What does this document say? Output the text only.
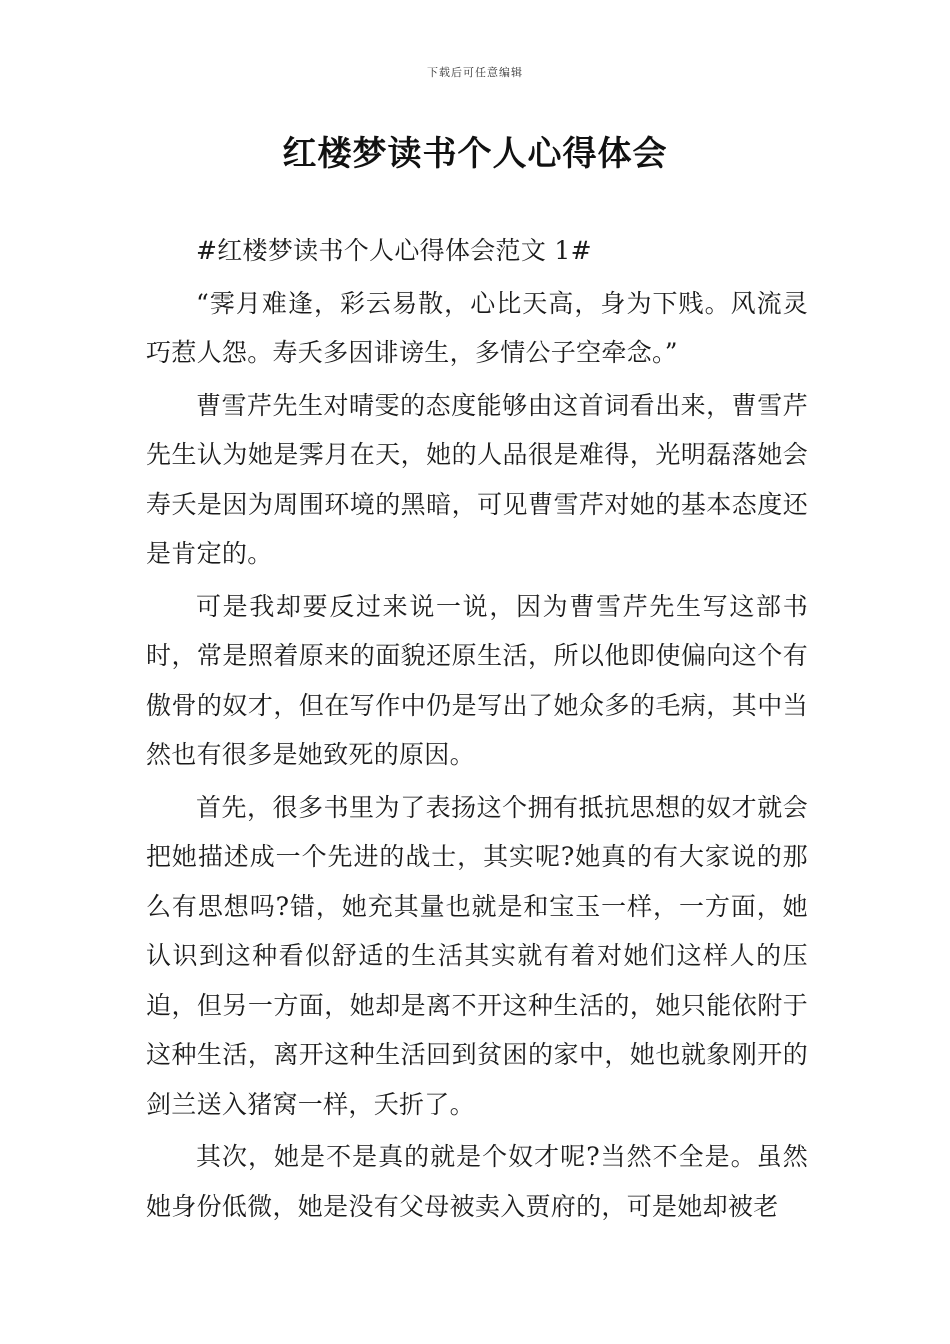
下载后可任意编辑
红楼梦读书个人心得体会

#红楼梦读书个人心得体会范文 1#

“霁月难逢，彩云易散，心比天高，身为下贱。风流灵巧惹人怨。寿夭多因诽谤生，多情公子空牵念。”

曹雪芹先生对晴雯的态度能够由这首词看出来，曹雪芹先生认为她是霁月在天，她的人品很是难得，光明磊落她会寿夭是因为周围环境的黑暗，可见曹雪芹对她的基本态度还是肯定的。

可是我却要反过来说一说，因为曹雪芹先生写这部书时，常是照着原来的面貌还原生活，所以他即使偏向这个有傲骨的奴才，但在写作中仍是写出了她众多的毛病，其中当然也有很多是她致死的原因。

首先，很多书里为了表扬这个拥有抵抗思想的奴才就会把她描述成一个先进的战士，其实呢?她真的有大家说的那么有思想吗?错，她充其量也就是和宝玉一样，一方面，她认识到这种看似舒适的生活其实就有着对她们这样人的压迫，但另一方面，她却是离不开这种生活的，她只能依附于这种生活，离开这种生活回到贫困的家中，她也就象刚开的剑兰送入猪窝一样，夭折了。

其次，她是不是真的就是个奴才呢?当然不全是。虽然她身份低微，她是没有父母被卖入贾府的，可是她却被老
